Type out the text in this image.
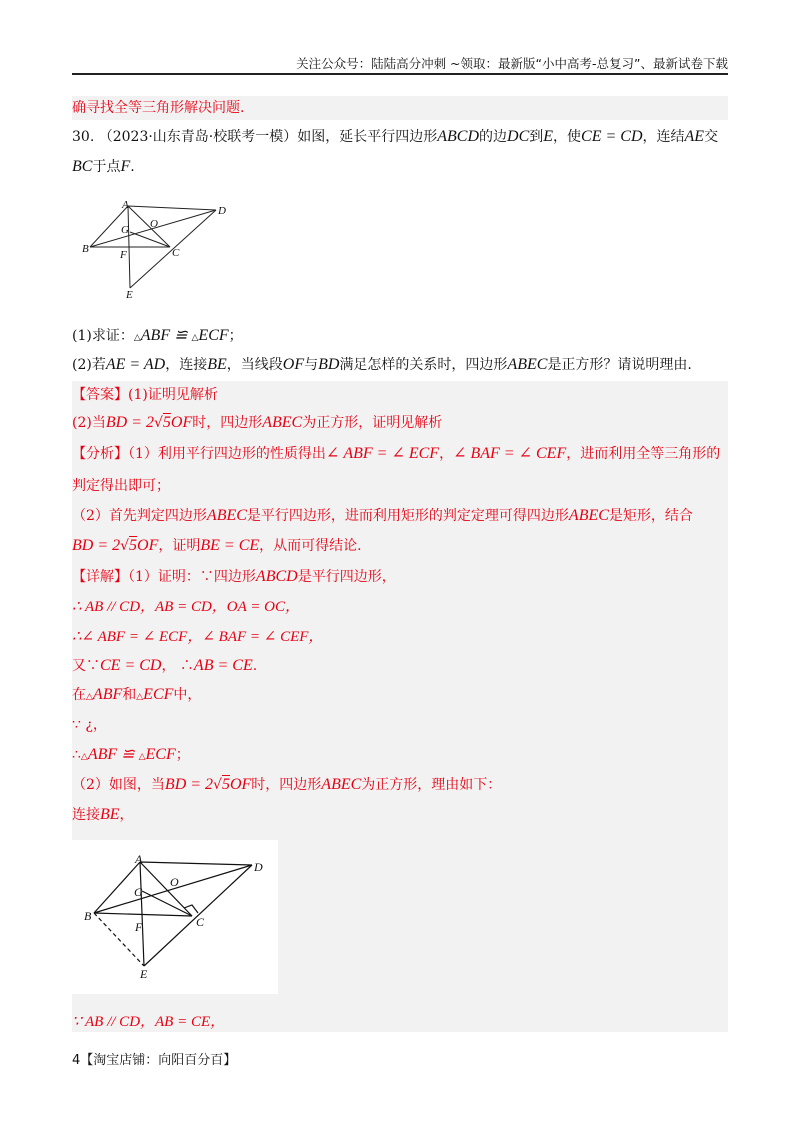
关注公众号：陆陆高分冲刺 ~领取：最新版“小中高考-总复习”、最新试卷下载
确寻找全等三角形解决问题.
30. （2023·山东青岛·校联考一模）如图，延长平行四边形ABCD的边DC到E，使CE = CD，连结AE交
BC于点F.
A
B	C
D
E
F
G O
(1)求证：△ABF ≌ △ECF；
(2)若AE = AD，连接BE，当线段OF与BD满足怎样的关系时，四边形ABEC是正方形？请说明理由.
【答案】(1)证明见解析
(2)当BD = 2√5OF时，四边形ABEC为正方形，证明见解析
【分析】（1）利用平行四边形的性质得出∠ ABF = ∠ ECF，∠ BAF = ∠ CEF，进而利用全等三角形的
判定得出即可；
（2）首先判定四边形ABEC是平行四边形，进而利用矩形的判定定理可得四边形ABEC是矩形，结合
BD = 2√5OF，证明BE = CE，从而可得结论.
【详解】（1）证明：∵四边形ABCD是平行四边形，
∴ AB // CD，AB = CD，OA = OC，
∴∠ ABF = ∠ ECF，∠ BAF = ∠ CEF，
又∵CE = CD， ∴AB = CE.
在△ABF和△ECF中，
∵ ¿，
∴△ABF ≌ △ECF；
（2）如图，当BD = 2√5OF时，四边形ABEC为正方形，理由如下：
连接BE，
A
B	C
D
E
F
G
O
∵ AB // CD，AB = CE，
4【淘宝店铺：向阳百分百】
